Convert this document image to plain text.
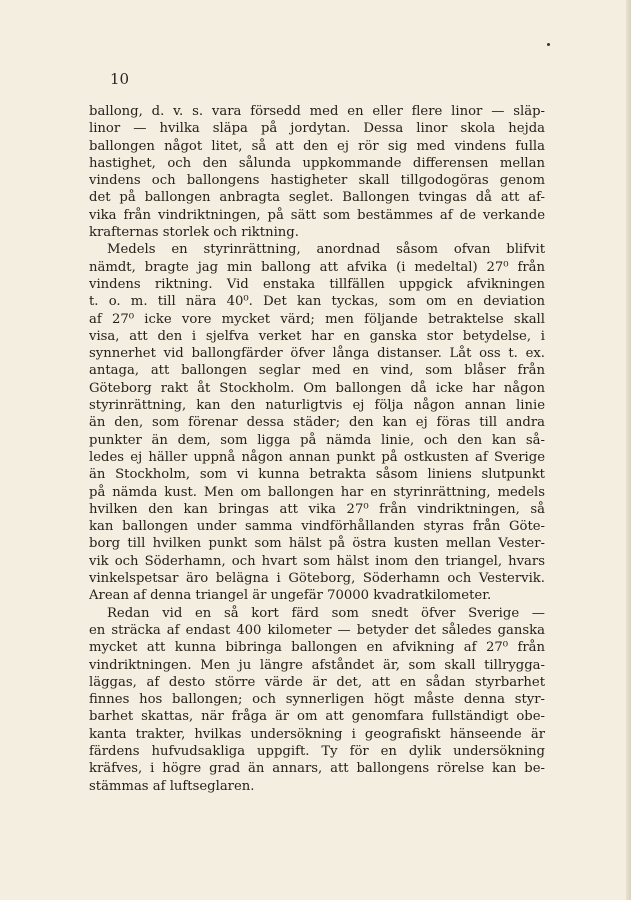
10
ballong, d. v. s. vara försedd med en eller flere linor — släp-
linor — hvilka släpa på jordytan. Dessa linor skola hejda
ballongen något litet, så att den ej rör sig med vindens fulla
hastighet, och den sålunda uppkommande differensen mellan
vindens och ballongens hastigheter skall tillgodogöras genom
det på ballongen anbragta seglet. Ballongen tvingas då att af-
vika från vindriktningen, på sätt som bestämmes af de verkande
krafternas storlek och riktning.
Medels en styrinrättning, anordnad såsom ofvan blifvit
nämdt, bragte jag min ballong att afvika (i medeltal) 27⁰ från
vindens riktning. Vid enstaka tillfällen uppgick afvikningen
t. o. m. till nära 40⁰. Det kan tyckas, som om en deviation
af 27⁰ icke vore mycket värd; men följande betraktelse skall
visa, att den i sjelfva verket har en ganska stor betydelse, i
synnerhet vid ballongfärder öfver långa distanser. Låt oss t. ex.
antaga, att ballongen seglar med en vind, som blåser från
Göteborg rakt åt Stockholm. Om ballongen då icke har någon
styrinrättning, kan den naturligtvis ej följa någon annan linie
än den, som förenar dessa städer; den kan ej föras till andra
punkter än dem, som ligga på nämda linie, och den kan så-
ledes ej häller uppnå någon annan punkt på ostkusten af Sverige
än Stockholm, som vi kunna betrakta såsom liniens slutpunkt
på nämda kust. Men om ballongen har en styrinrättning, medels
hvilken den kan bringas att vika 27⁰ från vindriktningen, så
kan ballongen under samma vindförhållanden styras från Göte-
borg till hvilken punkt som hälst på östra kusten mellan Vester-
vik och Söderhamn, och hvart som hälst inom den triangel, hvars
vinkelspetsar äro belägna i Göteborg, Söderhamn och Vestervik.
Arean af denna triangel är ungefär 70000 kvadratkilometer.
Redan vid en så kort färd som snedt öfver Sverige —
en sträcka af endast 400 kilometer — betyder det således ganska
mycket att kunna bibringa ballongen en afvikning af 27⁰ från
vindriktningen. Men ju längre afståndet är, som skall tillrygga-
läggas, af desto större värde är det, att en sådan styrbarhet
finnes hos ballongen; och synnerligen högt måste denna styr-
barhet skattas, när fråga är om att genomfara fullständigt obe-
kanta trakter, hvilkas undersökning i geografiskt hänseende är
färdens hufvudsakliga uppgift. Ty för en dylik undersökning
kräfves, i högre grad än annars, att ballongens rörelse kan be-
stämmas af luftseglaren.
